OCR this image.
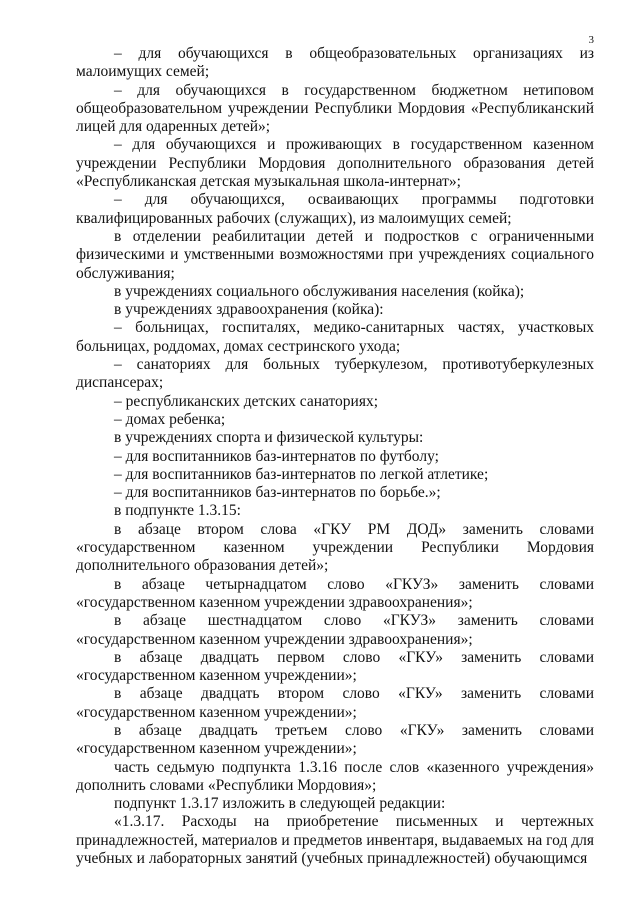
3

– для обучающихся в общеобразовательных организациях из малоимущих семей;

– для обучающихся в государственном бюджетном нетиповом общеобразовательном учреждении Республики Мордовия «Республиканский лицей для одаренных детей»;

– для обучающихся и проживающих в государственном казенном учреждении Республики Мордовия дополнительного образования детей «Республиканская детская музыкальная школа-интернат»;

– для обучающихся, осваивающих программы подготовки квалифицированных рабочих (служащих), из малоимущих семей;

в отделении реабилитации детей и подростков с ограниченными физическими и умственными возможностями при учреждениях социального обслуживания;

в учреждениях социального обслуживания населения (койка);

в учреждениях здравоохранения (койка):

– больницах, госпиталях, медико-санитарных частях, участковых больницах, роддомах, домах сестринского ухода;

– санаториях для больных туберкулезом, противотуберкулезных диспансерах;

– республиканских детских санаториях;

– домах ребенка;

в учреждениях спорта и физической культуры:

– для воспитанников баз-интернатов по футболу;

– для воспитанников баз-интернатов по легкой атлетике;

– для воспитанников баз-интернатов по борьбе.»;

в подпункте 1.3.15:

в абзаце втором слова «ГКУ РМ ДОД» заменить словами «государственном казенном учреждении Республики Мордовия дополнительного образования детей»;

в абзаце четырнадцатом слово «ГКУЗ» заменить словами «государственном казенном учреждении здравоохранения»;

в абзаце шестнадцатом слово «ГКУЗ» заменить словами «государственном казенном учреждении здравоохранения»;

в абзаце двадцать первом слово «ГКУ» заменить словами «государственном казенном учреждении»;

в абзаце двадцать втором слово «ГКУ» заменить словами «государственном казенном учреждении»;

в абзаце двадцать третьем слово «ГКУ» заменить словами «государственном казенном учреждении»;

часть седьмую подпункта 1.3.16 после слов «казенного учреждения» дополнить словами «Республики Мордовия»;

подпункт 1.3.17 изложить в следующей редакции:

«1.3.17. Расходы на приобретение письменных и чертежных принадлежностей, материалов и предметов инвентаря, выдаваемых на год для учебных и лабораторных занятий (учебных принадлежностей) обучающимся
